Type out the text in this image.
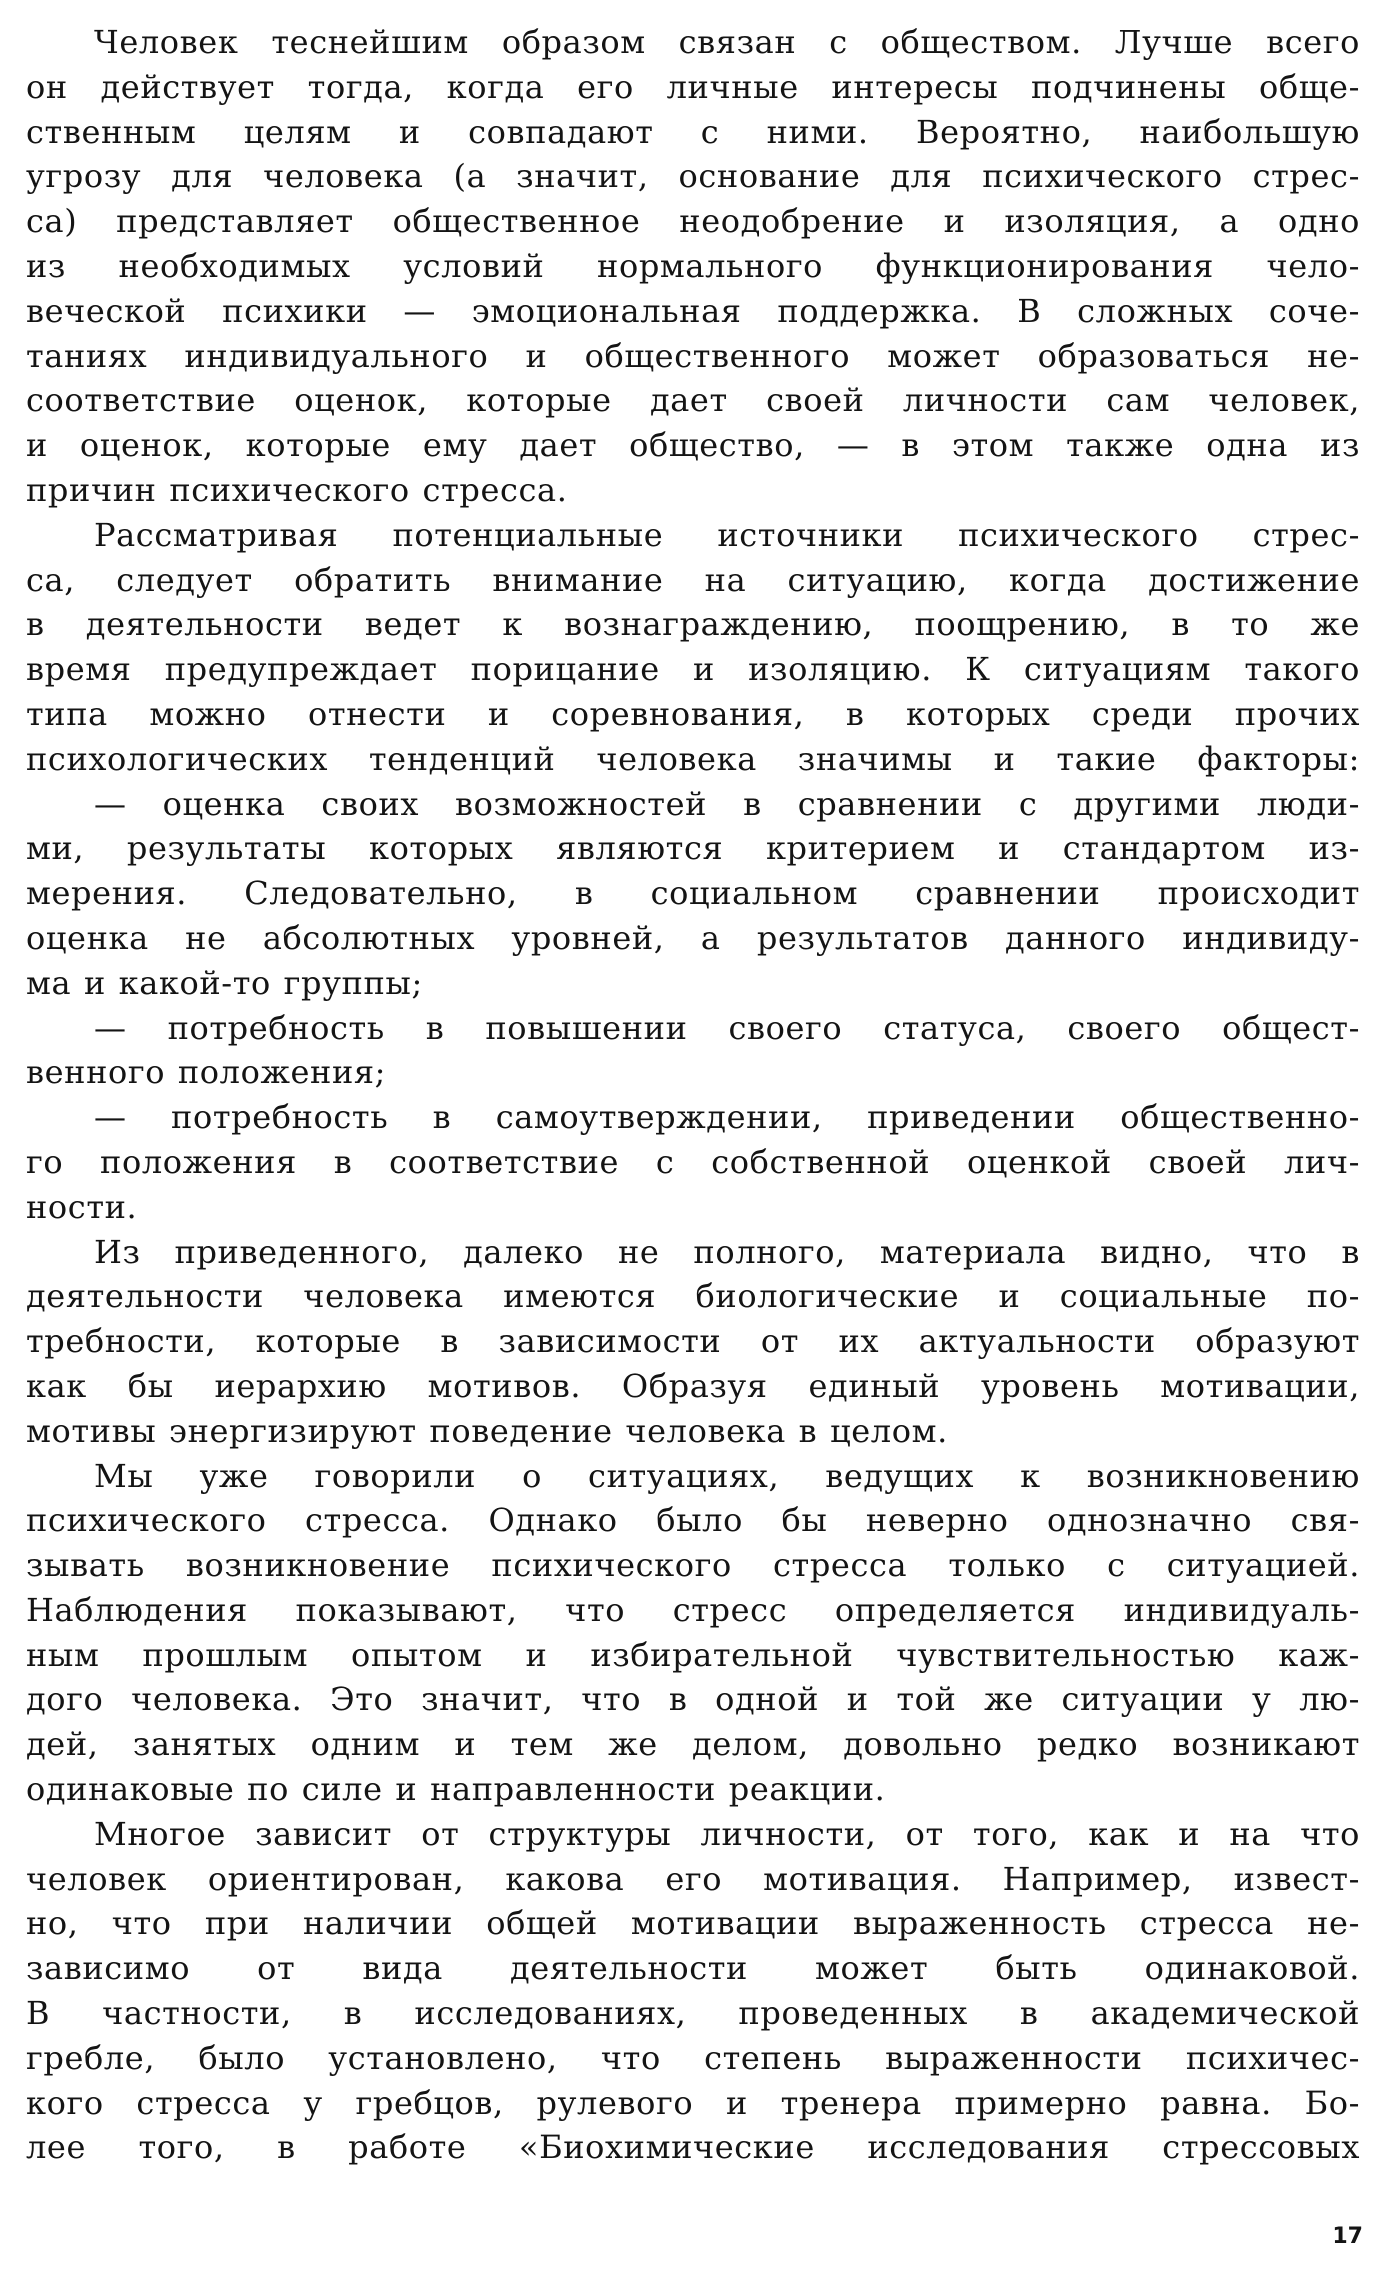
Человек теснейшим образом связан с обществом. Лучше всего
он действует тогда, когда его личные интересы подчинены обще-
ственным целям и совпадают с ними. Вероятно, наибольшую
угрозу для человека (а значит, основание для психического стрес-
са) представляет общественное неодобрение и изоляция, а одно
из необходимых условий нормального функционирования чело-
веческой психики — эмоциональная поддержка. В сложных соче-
таниях индивидуального и общественного может образоваться не-
соответствие оценок, которые дает своей личности сам человек,
и оценок, которые ему дает общество, — в этом также одна из
причин психического стресса.
Рассматривая потенциальные источники психического стрес-
са, следует обратить внимание на ситуацию, когда достижение
в деятельности ведет к вознаграждению, поощрению, в то же
время предупреждает порицание и изоляцию. К ситуациям такого
типа можно отнести и соревнования, в которых среди прочих
психологических тенденций человека значимы и такие факторы:
— оценка своих возможностей в сравнении с другими люди-
ми, результаты которых являются критерием и стандартом из-
мерения. Следовательно, в социальном сравнении происходит
оценка не абсолютных уровней, а результатов данного индивиду-
ма и какой-то группы;
— потребность в повышении своего статуса, своего общест-
венного положения;
— потребность в самоутверждении, приведении общественно-
го положения в соответствие с собственной оценкой своей лич-
ности.
Из приведенного, далеко не полного, материала видно, что в
деятельности человека имеются биологические и социальные по-
требности, которые в зависимости от их актуальности образуют
как бы иерархию мотивов. Образуя единый уровень мотивации,
мотивы энергизируют поведение человека в целом.
Мы уже говорили о ситуациях, ведущих к возникновению
психического стресса. Однако было бы неверно однозначно свя-
зывать возникновение психического стресса только с ситуацией.
Наблюдения показывают, что стресс определяется индивидуаль-
ным прошлым опытом и избирательной чувствительностью каж-
дого человека. Это значит, что в одной и той же ситуации у лю-
дей, занятых одним и тем же делом, довольно редко возникают
одинаковые по силе и направленности реакции.
Многое зависит от структуры личности, от того, как и на что
человек ориентирован, какова его мотивация. Например, извест-
но, что при наличии общей мотивации выраженность стресса не-
зависимо от вида деятельности может быть одинаковой.
В частности, в исследованиях, проведенных в академической
гребле, было установлено, что степень выраженности психичес-
кого стресса у гребцов, рулевого и тренера примерно равна. Бо-
лее того, в работе «Биохимические исследования стрессовых
17
